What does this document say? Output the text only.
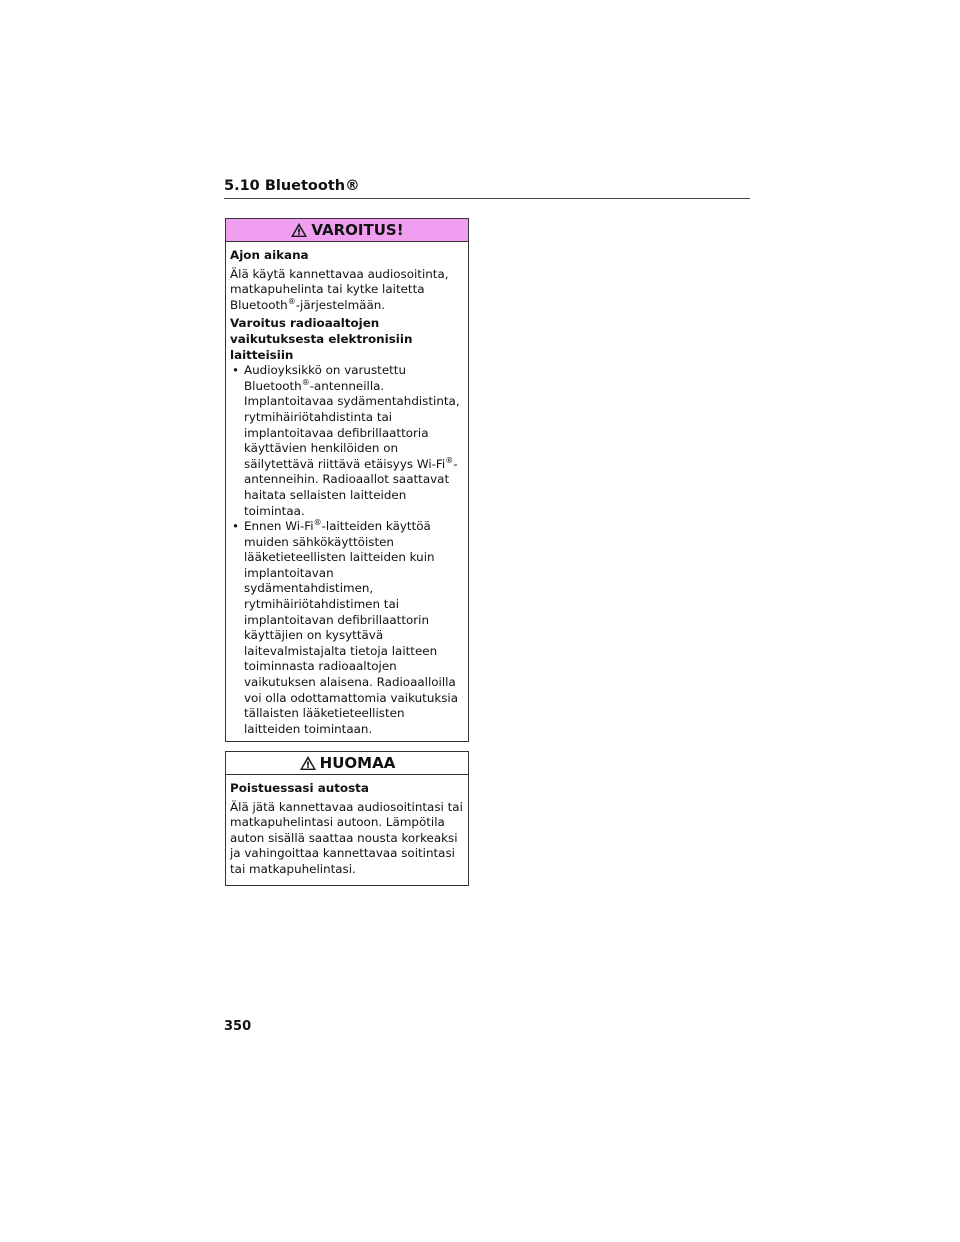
5.10 Bluetooth®
VAROITUS!

Ajon aikana

Älä käytä kannettavaa audiosoitinta, matkapuhelinta tai kytke laitetta Bluetooth®-järjestelmään.

Varoitus radioaaltojen vaikutuksesta elektronisiin laitteisiin

• Audioyksikkö on varustettu Bluetooth®-antenneilla. Implantoitavaa sydämentahdistinta, rytmihäiriötahdistinta tai implantoitavaa defibrillaattoria käyttävien henkilöiden on säilytettävä riittävä etäisyys Wi-Fi®-antenneihin. Radioaallot saattavat haitata sellaisten laitteiden toimintaa.
• Ennen Wi-Fi®-laitteiden käyttöä muiden sähkökäyttöisten lääketieteellisten laitteiden kuin implantoitavan sydämentahdistimen, rytmihäiriötahdistimen tai implantoitavan defibrillaattorin käyttäjien on kysyttävä laitevalmistajalta tietoja laitteen toiminnasta radioaaltojen vaikutuksen alaisena. Radioaalloilla voi olla odottamattomia vaikutuksia tällaisten lääketieteellisten laitteiden toimintaan.
HUOMAA

Poistuessasi autosta

Älä jätä kannettavaa audiosoitintasi tai matkapuhelintasi autoon. Lämpötila auton sisällä saattaa nousta korkeaksi ja vahingoittaa kannettavaa soitintasi tai matkapuhelintasi.

350
